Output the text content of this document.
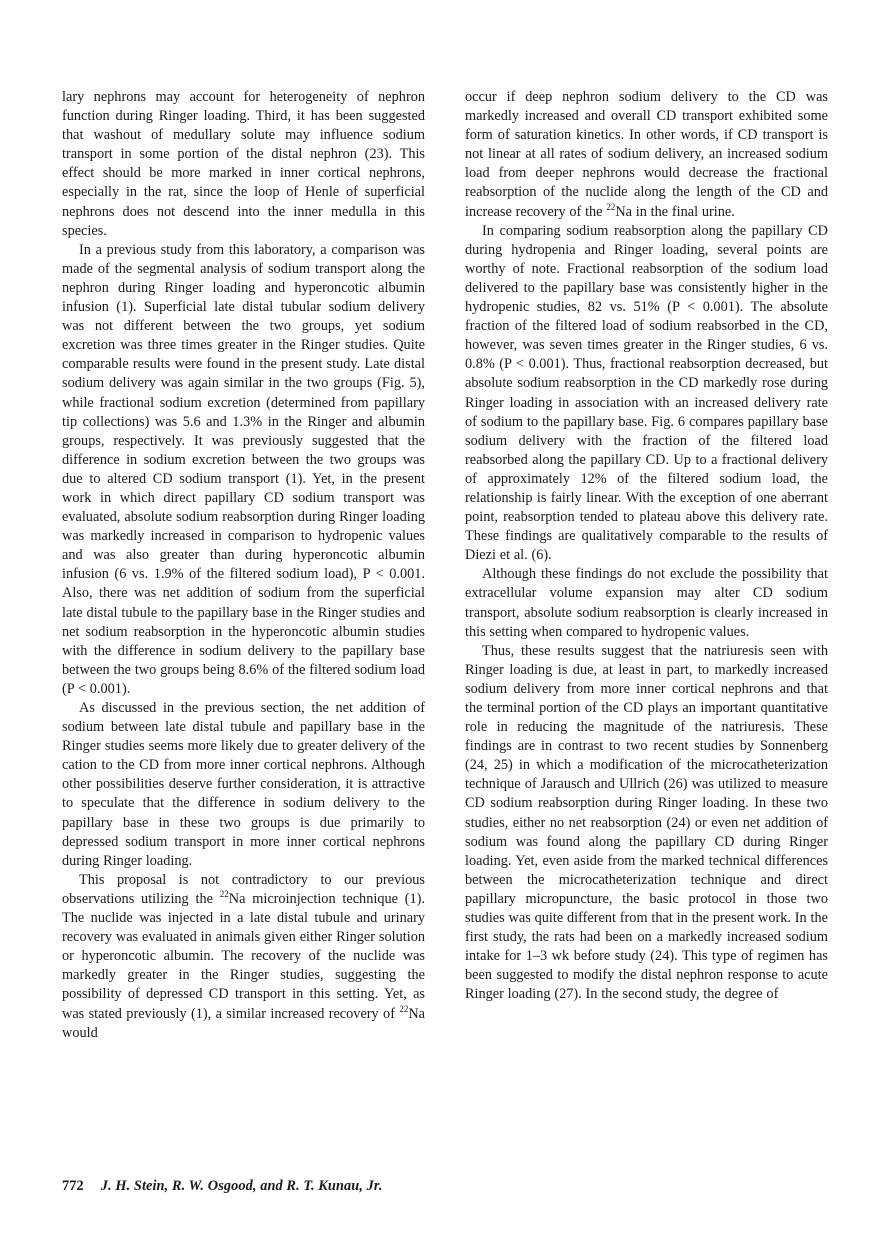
lary nephrons may account for heterogeneity of nephron function during Ringer loading. Third, it has been suggested that washout of medullary solute may influence sodium transport in some portion of the distal nephron (23). This effect should be more marked in inner cortical nephrons, especially in the rat, since the loop of Henle of superficial nephrons does not descend into the inner medulla in this species.

In a previous study from this laboratory, a comparison was made of the segmental analysis of sodium transport along the nephron during Ringer loading and hyperoncotic albumin infusion (1). Superficial late distal tubular sodium delivery was not different between the two groups, yet sodium excretion was three times greater in the Ringer studies. Quite comparable results were found in the present study. Late distal sodium delivery was again similar in the two groups (Fig. 5), while fractional sodium excretion (determined from papillary tip collections) was 5.6 and 1.3% in the Ringer and albumin groups, respectively. It was previously suggested that the difference in sodium excretion between the two groups was due to altered CD sodium transport (1). Yet, in the present work in which direct papillary CD sodium transport was evaluated, absolute sodium reabsorption during Ringer loading was markedly increased in comparison to hydropenic values and was also greater than during hyperoncotic albumin infusion (6 vs. 1.9% of the filtered sodium load), P < 0.001. Also, there was net addition of sodium from the superficial late distal tubule to the papillary base in the Ringer studies and net sodium reabsorption in the hyperoncotic albumin studies with the difference in sodium delivery to the papillary base between the two groups being 8.6% of the filtered sodium load (P < 0.001).

As discussed in the previous section, the net addition of sodium between late distal tubule and papillary base in the Ringer studies seems more likely due to greater delivery of the cation to the CD from more inner cortical nephrons. Although other possibilities deserve further consideration, it is attractive to speculate that the difference in sodium delivery to the papillary base in these two groups is due primarily to depressed sodium transport in more inner cortical nephrons during Ringer loading.

This proposal is not contradictory to our previous observations utilizing the $^{22}$Na microinjection technique (1). The nuclide was injected in a late distal tubule and urinary recovery was evaluated in animals given either Ringer solution or hyperoncotic albumin. The recovery of the nuclide was markedly greater in the Ringer studies, suggesting the possibility of depressed CD transport in this setting. Yet, as was stated previously (1), a similar increased recovery of $^{22}$Na would

occur if deep nephron sodium delivery to the CD was markedly increased and overall CD transport exhibited some form of saturation kinetics. In other words, if CD transport is not linear at all rates of sodium delivery, an increased sodium load from deeper nephrons would decrease the fractional reabsorption of the nuclide along the length of the CD and increase recovery of the $^{22}$Na in the final urine.

In comparing sodium reabsorption along the papillary CD during hydropenia and Ringer loading, several points are worthy of note. Fractional reabsorption of the sodium load delivered to the papillary base was consistently higher in the hydropenic studies, 82 vs. 51% (P < 0.001). The absolute fraction of the filtered load of sodium reabsorbed in the CD, however, was seven times greater in the Ringer studies, 6 vs. 0.8% (P < 0.001). Thus, fractional reabsorption decreased, but absolute sodium reabsorption in the CD markedly rose during Ringer loading in association with an increased delivery rate of sodium to the papillary base. Fig. 6 compares papillary base sodium delivery with the fraction of the filtered load reabsorbed along the papillary CD. Up to a fractional delivery of approximately 12% of the filtered sodium load, the relationship is fairly linear. With the exception of one aberrant point, reabsorption tended to plateau above this delivery rate. These findings are qualitatively comparable to the results of Diezi et al. (6).

Although these findings do not exclude the possibility that extracellular volume expansion may alter CD sodium transport, absolute sodium reabsorption is clearly increased in this setting when compared to hydropenic values.

Thus, these results suggest that the natriuresis seen with Ringer loading is due, at least in part, to markedly increased sodium delivery from more inner cortical nephrons and that the terminal portion of the CD plays an important quantitative role in reducing the magnitude of the natriuresis. These findings are in contrast to two recent studies by Sonnenberg (24, 25) in which a modification of the microcatheterization technique of Jarausch and Ullrich (26) was utilized to measure CD sodium reabsorption during Ringer loading. In these two studies, either no net reabsorption (24) or even net addition of sodium was found along the papillary CD during Ringer loading. Yet, even aside from the marked technical differences between the microcatheterization technique and direct papillary micropuncture, the basic protocol in those two studies was quite different from that in the present work. In the first study, the rats had been on a markedly increased sodium intake for 1–3 wk before study (24). This type of regimen has been suggested to modify the distal nephron response to acute Ringer loading (27). In the second study, the degree of

772 J. H. Stein, R. W. Osgood, and R. T. Kunau, Jr.
